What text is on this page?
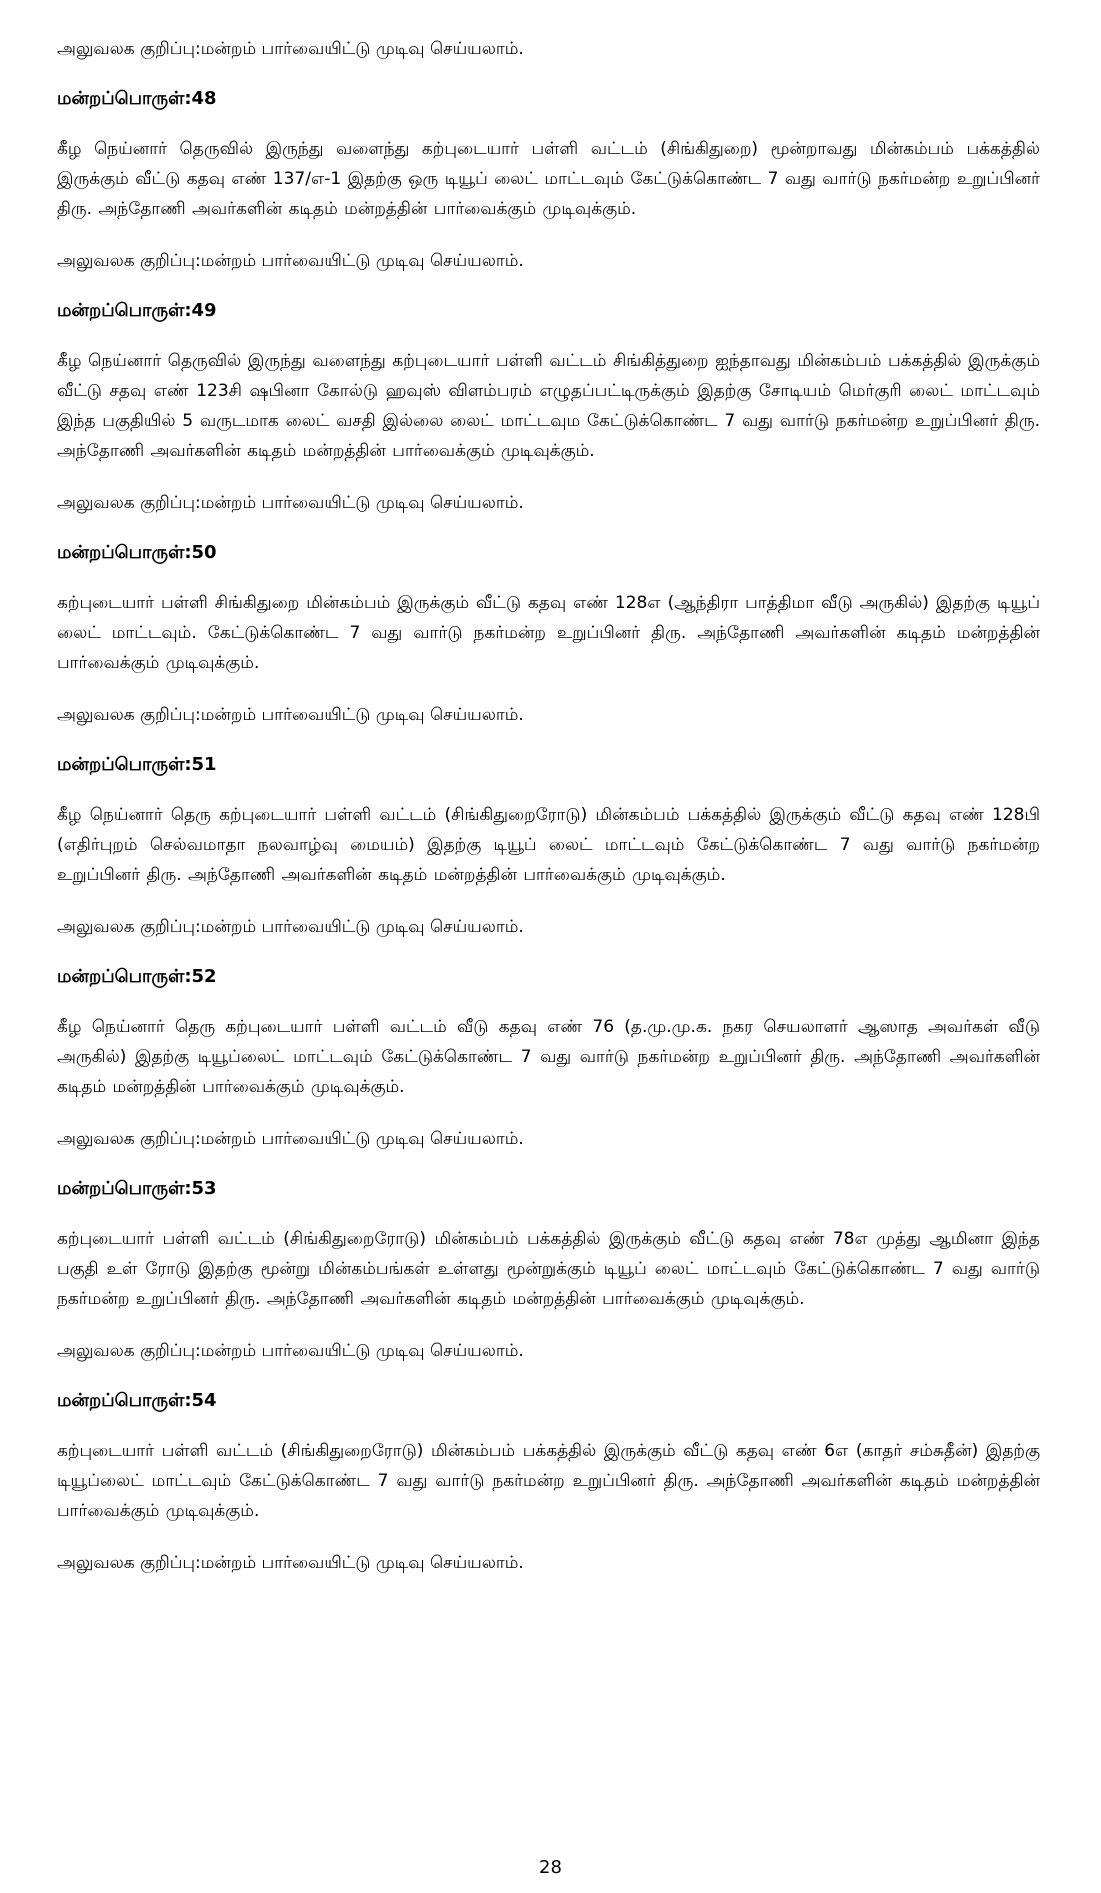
அலுவலக குறிப்பு:மன்றம் பார்வையிட்டு முடிவு செய்யலாம்.

மன்றப்பொருள்:48

கீழ நெய்னார் தெருவில் இருந்து வளைந்து கற்புடையார் பள்ளி வட்டம் (சிங்கிதுறை) மூன்றாவது மின்கம்பம் பக்கத்தில் இருக்கும் வீட்டு கதவு எண் 137/எ-1 இதற்கு ஒரு டியூப் லைட் மாட்டவும் கேட்டுக்கொண்ட 7 வது வார்டு நகர்மன்ற உறுப்பினர் திரு. அந்தோணி அவர்களின் கடிதம் மன்றத்தின் பார்வைக்கும் முடிவுக்கும்.

அலுவலக குறிப்பு:மன்றம் பார்வையிட்டு முடிவு செய்யலாம்.

மன்றப்பொருள்:49

கீழ நெய்னார் தெருவில் இருந்து வளைந்து கற்புடையார் பள்ளி வட்டம் சிங்கித்துறை ஐந்தாவது மின்கம்பம் பக்கத்தில் இருக்கும் வீட்டு சதவு எண் 123சி ஷபினா கோல்டு ஹவுஸ் விளம்பரம் எழுதப்பட்டிருக்கும் இதற்கு சோடியம் மெர்குரி லைட் மாட்டவும் இந்த பகுதியில் 5 வருடமாக லைட் வசதி இல்லை லைட் மாட்டவும கேட்டுக்கொண்ட 7 வது வார்டு நகர்மன்ற உறுப்பினர் திரு. அந்தோணி அவர்களின் கடிதம் மன்றத்தின் பார்வைக்கும் முடிவுக்கும்.

அலுவலக குறிப்பு:மன்றம் பார்வையிட்டு முடிவு செய்யலாம்.

மன்றப்பொருள்:50

கற்புடையார் பள்ளி சிங்கிதுறை மின்கம்பம் இருக்கும் வீட்டு கதவு எண் 128எ (ஆந்திரா பாத்திமா வீடு அருகில்) இதற்கு டியூப் லைட் மாட்டவும். கேட்டுக்கொண்ட 7 வது வார்டு நகர்மன்ற உறுப்பினர் திரு. அந்தோணி அவர்களின் கடிதம் மன்றத்தின் பார்வைக்கும் முடிவுக்கும்.

அலுவலக குறிப்பு:மன்றம் பார்வையிட்டு முடிவு செய்யலாம்.

மன்றப்பொருள்:51

கீழ நெய்னார் தெரு கற்புடையார் பள்ளி வட்டம் (சிங்கிதுறைரோடு) மின்கம்பம் பக்கத்தில் இருக்கும் வீட்டு கதவு எண் 128பி (எதிர்புறம் செல்வமாதா நலவாழ்வு மையம்) இதற்கு டியூப் லைட் மாட்டவும் கேட்டுக்கொண்ட 7 வது வார்டு நகர்மன்ற உறுப்பினர் திரு. அந்தோணி அவர்களின் கடிதம் மன்றத்தின் பார்வைக்கும் முடிவுக்கும்.

அலுவலக குறிப்பு:மன்றம் பார்வையிட்டு முடிவு செய்யலாம்.

மன்றப்பொருள்:52

கீழ நெய்னார் தெரு கற்புடையார் பள்ளி வட்டம் வீடு கதவு எண் 76 (த.மு.மு.க. நகர செயலாளர் ஆஸாத அவர்கள் வீடு அருகில்) இதற்கு டியூப்லைட் மாட்டவும் கேட்டுக்கொண்ட 7 வது வார்டு நகர்மன்ற உறுப்பினர் திரு. அந்தோணி அவர்களின் கடிதம் மன்றத்தின் பார்வைக்கும் முடிவுக்கும்.

அலுவலக குறிப்பு:மன்றம் பார்வையிட்டு முடிவு செய்யலாம்.

மன்றப்பொருள்:53

கற்புடையார் பள்ளி வட்டம் (சிங்கிதுறைரோடு) மின்கம்பம் பக்கத்தில் இருக்கும் வீட்டு கதவு எண் 78எ முத்து ஆமினா இந்த பகுதி உள் ரோடு இதற்கு மூன்று மின்கம்பங்கள் உள்ளது மூன்றுக்கும் டியூப் லைட் மாட்டவும் கேட்டுக்கொண்ட 7 வது வார்டு நகர்மன்ற உறுப்பினர் திரு. அந்தோணி அவர்களின் கடிதம் மன்றத்தின் பார்வைக்கும் முடிவுக்கும்.

அலுவலக குறிப்பு:மன்றம் பார்வையிட்டு முடிவு செய்யலாம்.

மன்றப்பொருள்:54

கற்புடையார் பள்ளி வட்டம் (சிங்கிதுறைரோடு) மின்கம்பம் பக்கத்தில் இருக்கும் வீட்டு கதவு எண் 6எ (காதர் சம்சுதீன்) இதற்கு டியூப்லைட் மாட்டவும் கேட்டுக்கொண்ட 7 வது வார்டு நகர்மன்ற உறுப்பினர் திரு. அந்தோணி அவர்களின் கடிதம் மன்றத்தின் பார்வைக்கும் முடிவுக்கும்.

அலுவலக குறிப்பு:மன்றம் பார்வையிட்டு முடிவு செய்யலாம்.

28
